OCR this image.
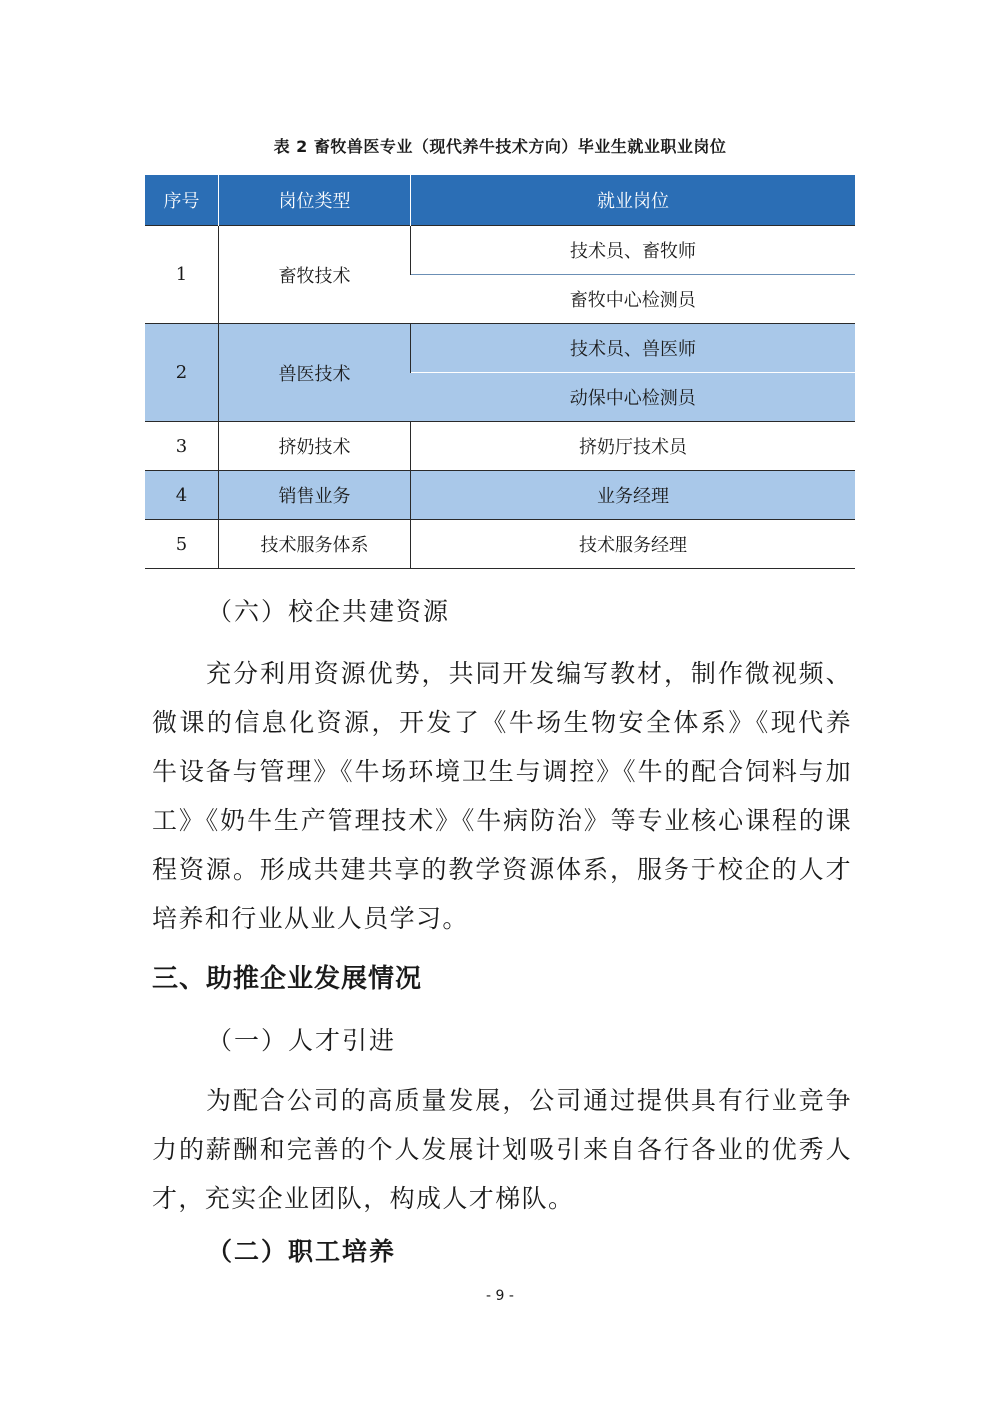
表 2 畜牧兽医专业（现代养牛技术方向）毕业生就业职业岗位
序号	岗位类型	就业岗位
1	畜牧技术	技术员、畜牧师
		畜牧中心检测员
2	兽医技术	技术员、兽医师
		动保中心检测员
3	挤奶技术	挤奶厅技术员
4	销售业务	业务经理
5	技术服务体系	技术服务经理
（六）校企共建资源
充分利用资源优势，共同开发编写教材，制作微视频、微课的信息化资源，开发了《牛场生物安全体系》《现代养牛设备与管理》《牛场环境卫生与调控》《牛的配合饲料与加工》《奶牛生产管理技术》《牛病防治》等专业核心课程的课程资源。形成共建共享的教学资源体系，服务于校企的人才培养和行业从业人员学习。
三、助推企业发展情况
（一）人才引进
为配合公司的高质量发展，公司通过提供具有行业竞争力的薪酬和完善的个人发展计划吸引来自各行各业的优秀人才，充实企业团队，构成人才梯队。
（二）职工培养
- 9 -
